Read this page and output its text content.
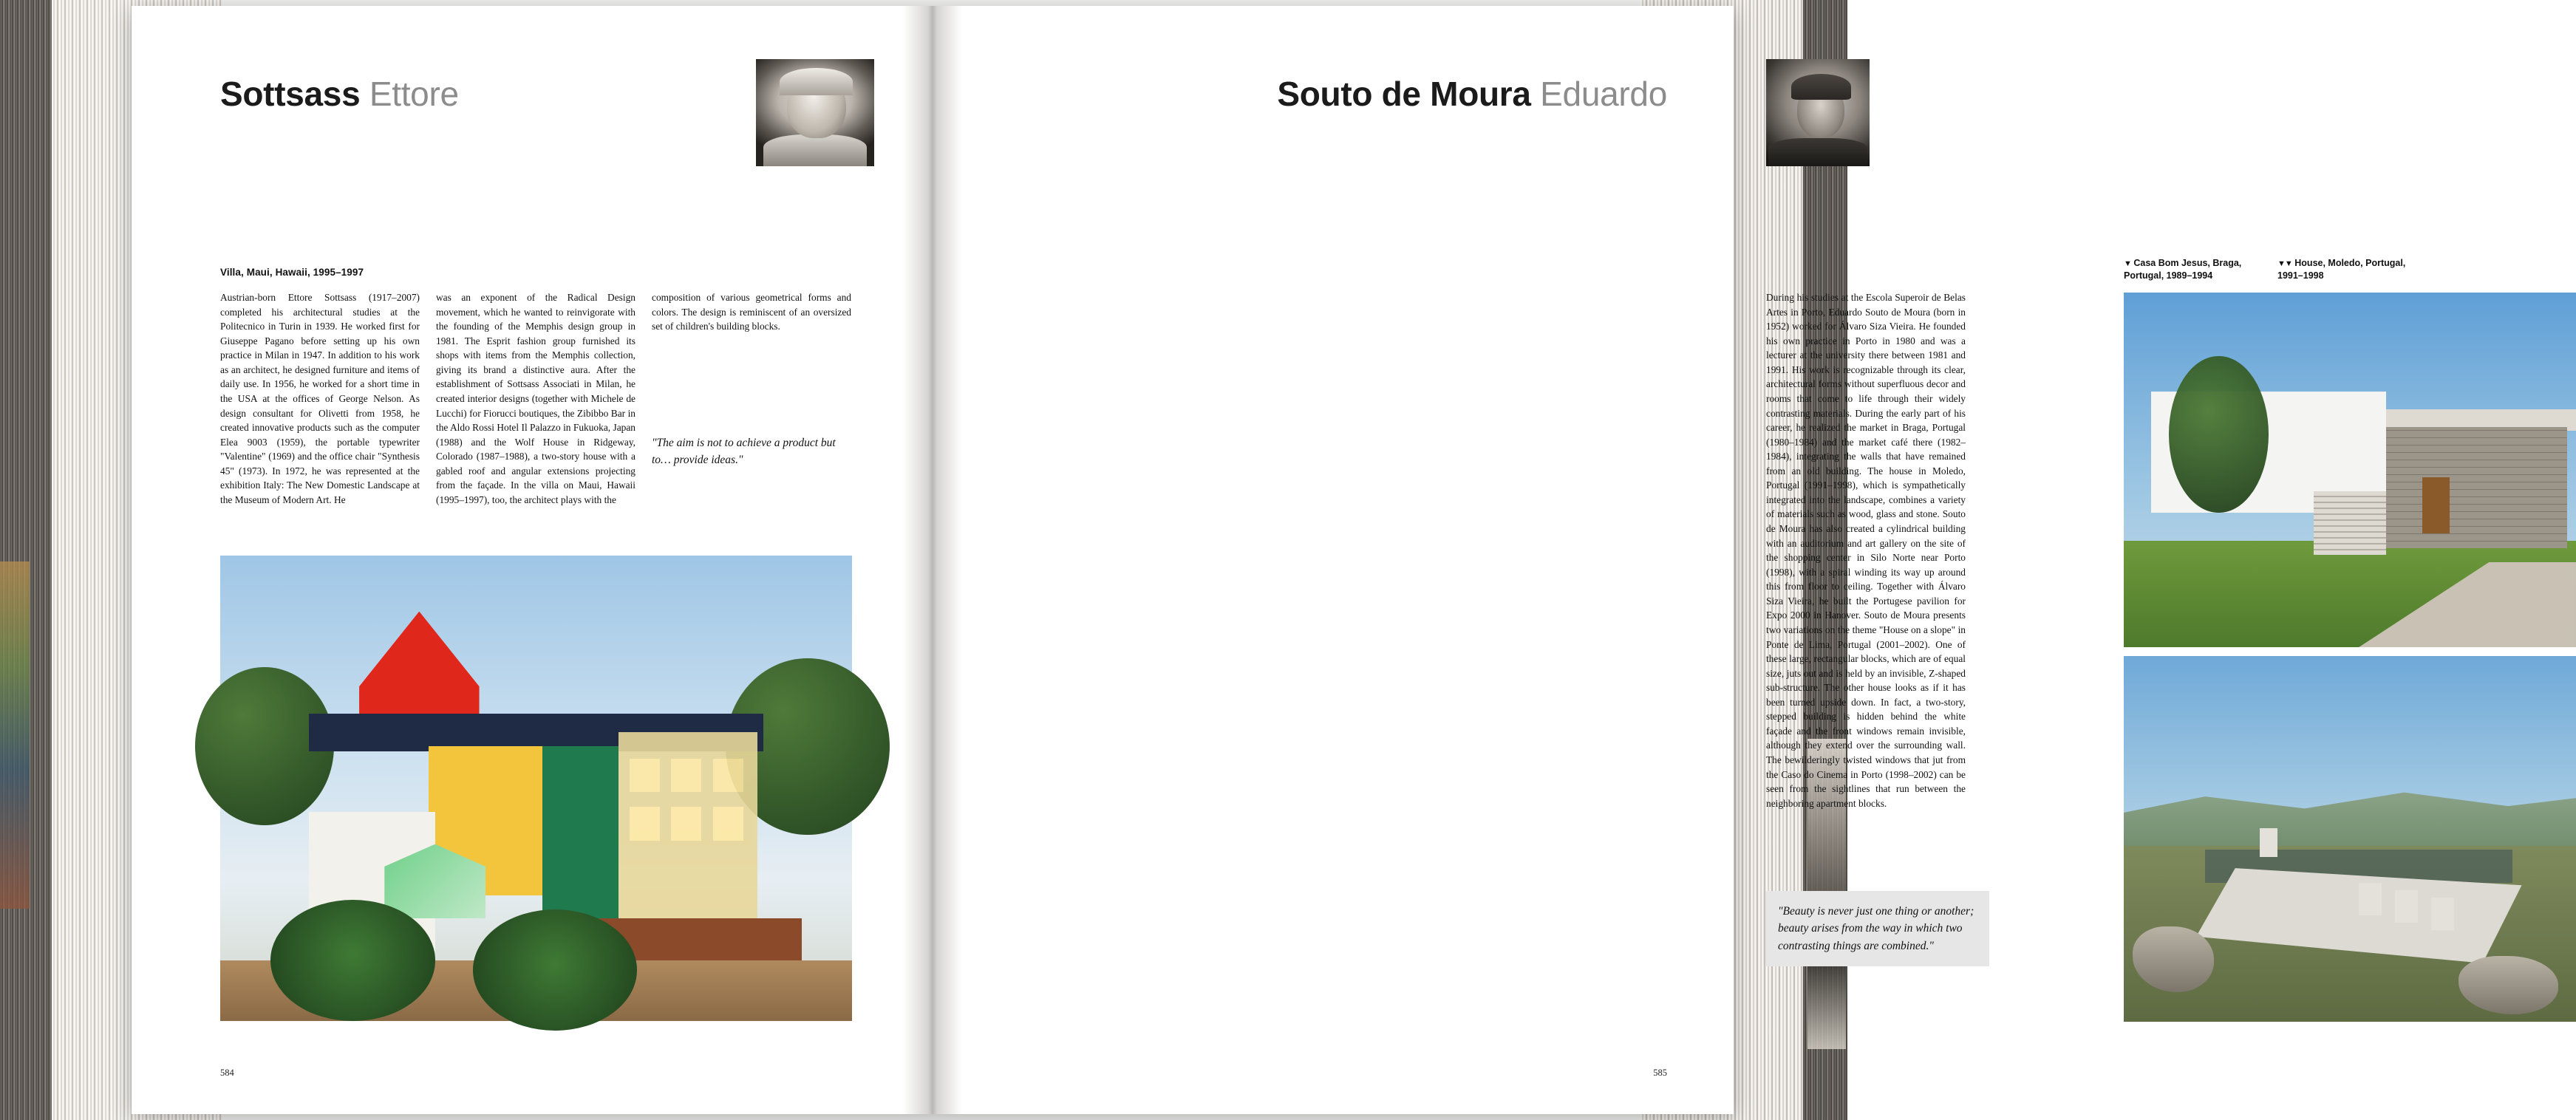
Sottsass Ettore
Villa, Maui, Hawaii, 1995–1997
Austrian-born Ettore Sottsass (1917–2007) completed his architectural studies at the Politecnico in Turin in 1939. He worked first for Giuseppe Pagano before setting up his own practice in Milan in 1947. In addition to his work as an architect, he designed furniture and items of daily use. In 1956, he worked for a short time in the USA at the offices of George Nelson. As design consultant for Olivetti from 1958, he created innovative products such as the computer Elea 9003 (1959), the portable typewriter "Valentine" (1969) and the office chair "Synthesis 45" (1973). In 1972, he was represented at the exhibition Italy: The New Domestic Landscape at the Museum of Modern Art. He
was an exponent of the Radical Design movement, which he wanted to reinvigorate with the founding of the Memphis design group in 1981. The Esprit fashion group furnished its shops with items from the Memphis collection, giving its brand a distinctive aura. After the establishment of Sottsass Associati in Milan, he created interior designs (together with Michele de Lucchi) for Fiorucci boutiques, the Zibibbo Bar in the Aldo Rossi Hotel Il Palazzo in Fukuoka, Japan (1988) and the Wolf House in Ridgeway, Colorado (1987–1988), a two-story house with a gabled roof and angular extensions projecting from the façade. In the villa on Maui, Hawaii (1995–1997), too, the architect plays with the
composition of various geometrical forms and colors. The design is reminiscent of an oversized set of children's building blocks.
"The aim is not to achieve a product but to… provide ideas."
584
Souto de Moura Eduardo
▼ Casa Bom Jesus, Braga, Portugal, 1989–1994
▼▼ House, Moledo, Portugal, 1991–1998
During his studies at the Escola Superoir de Belas Artes in Porto, Eduardo Souto de Moura (born in 1952) worked for Álvaro Siza Vieira. He founded his own practice in Porto in 1980 and was a lecturer at the university there between 1981 and 1991. His work is recognizable through its clear, architectural forms without superfluous decor and rooms that come to life through their widely contrasting materials. During the early part of his career, he realized the market in Braga, Portugal (1980–1984) and the market café there (1982–1984), integrating the walls that have remained from an old building. The house in Moledo, Portugal (1991–1998), which is sympathetically integrated into the landscape, combines a variety of materials such as wood, glass and stone. Souto de Moura has also created a cylindrical building with an auditorium and art gallery on the site of the shopping center in Silo Norte near Porto (1998), with a spiral winding its way up around this from floor to ceiling. Together with Álvaro Siza Vieira, he built the Portugese pavilion for Expo 2000 in Hanover. Souto de Moura presents two variations on the theme "House on a slope" in Ponte de Lima, Portugal (2001–2002). One of these large, rectangular blocks, which are of equal size, juts out and is held by an invisible, Z-shaped sub-structure. The other house looks as if it has been turned upside down. In fact, a two-story, stepped building is hidden behind the white façade and the front windows remain invisible, although they extend over the surrounding wall. The bewilderingly twisted windows that jut from the Caso do Cinema in Porto (1998–2002) can be seen from the sightlines that run between the neighboring apartment blocks.
"Beauty is never just one thing or another; beauty arises from the way in which two contrasting things are combined."
585
